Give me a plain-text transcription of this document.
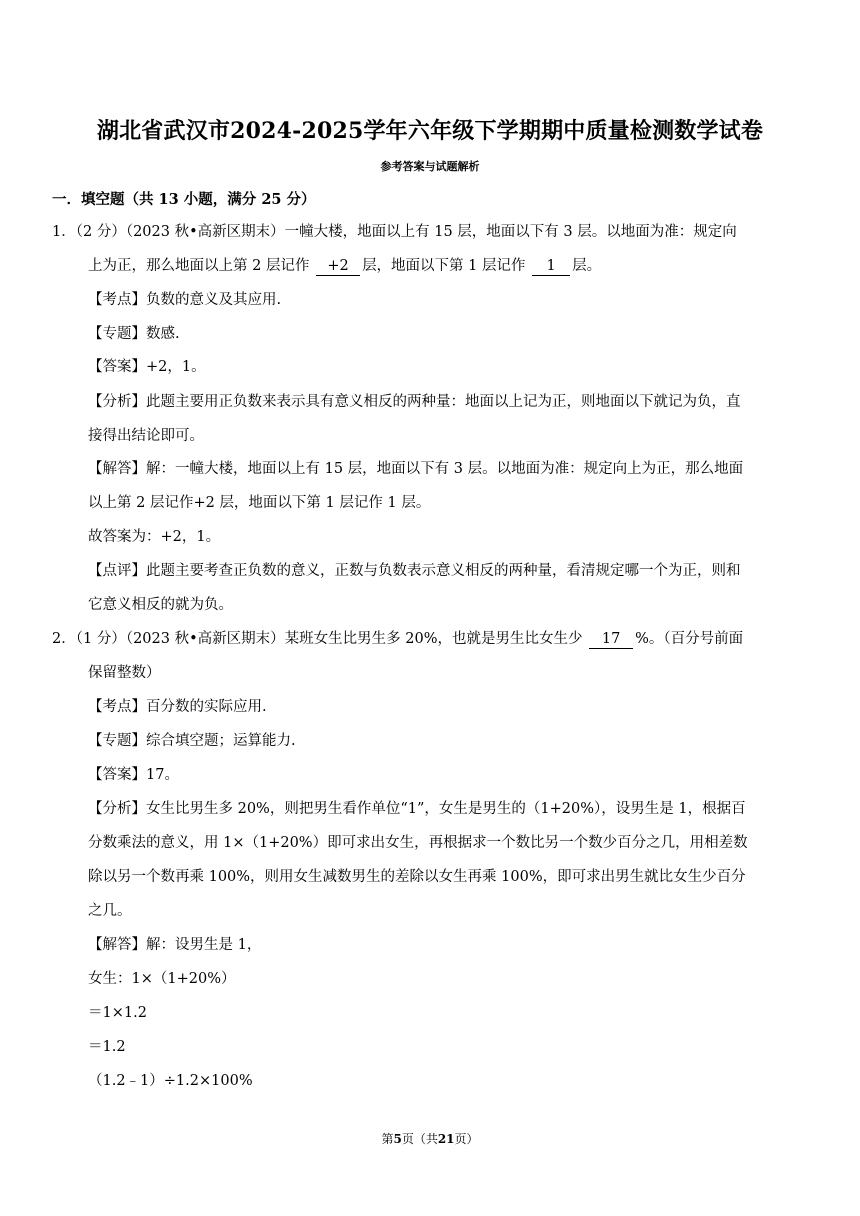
湖北省武汉市2024-2025学年六年级下学期期中质量检测数学试卷
参考答案与试题解析
一．填空题（共 13 小题，满分 25 分）
1．（2 分）（2023 秋•高新区期末）一幢大楼，地面以上有 15 层，地面以下有 3 层。以地面为准：规定向
上为正，那么地面以上第 2 层记作 +2 层，地面以下第 1 层记作 1 层。
【考点】负数的意义及其应用.
【专题】数感.
【答案】+2，1。
【分析】此题主要用正负数来表示具有意义相反的两种量：地面以上记为正，则地面以下就记为负，直
接得出结论即可。
【解答】解：一幢大楼，地面以上有 15 层，地面以下有 3 层。以地面为准：规定向上为正，那么地面
以上第 2 层记作+2 层，地面以下第 1 层记作 1 层。
故答案为：+2，1。
【点评】此题主要考查正负数的意义，正数与负数表示意义相反的两种量，看清规定哪一个为正，则和
它意义相反的就为负。
2．（1 分）（2023 秋•高新区期末）某班女生比男生多 20%，也就是男生比女生少 17 %。（百分号前面
保留整数）
【考点】百分数的实际应用.
【专题】综合填空题；运算能力.
【答案】17。
【分析】女生比男生多 20%，则把男生看作单位“1”，女生是男生的（1+20%），设男生是 1，根据百
分数乘法的意义，用 1×（1+20%）即可求出女生，再根据求一个数比另一个数少百分之几，用相差数
除以另一个数再乘 100%，则用女生减数男生的差除以女生再乘 100%，即可求出男生就比女生少百分
之几。
【解答】解：设男生是 1，
女生：1×（1+20%）
＝1×1.2
＝1.2
（1.2﹣1）÷1.2×100%
第5页（共21页）
